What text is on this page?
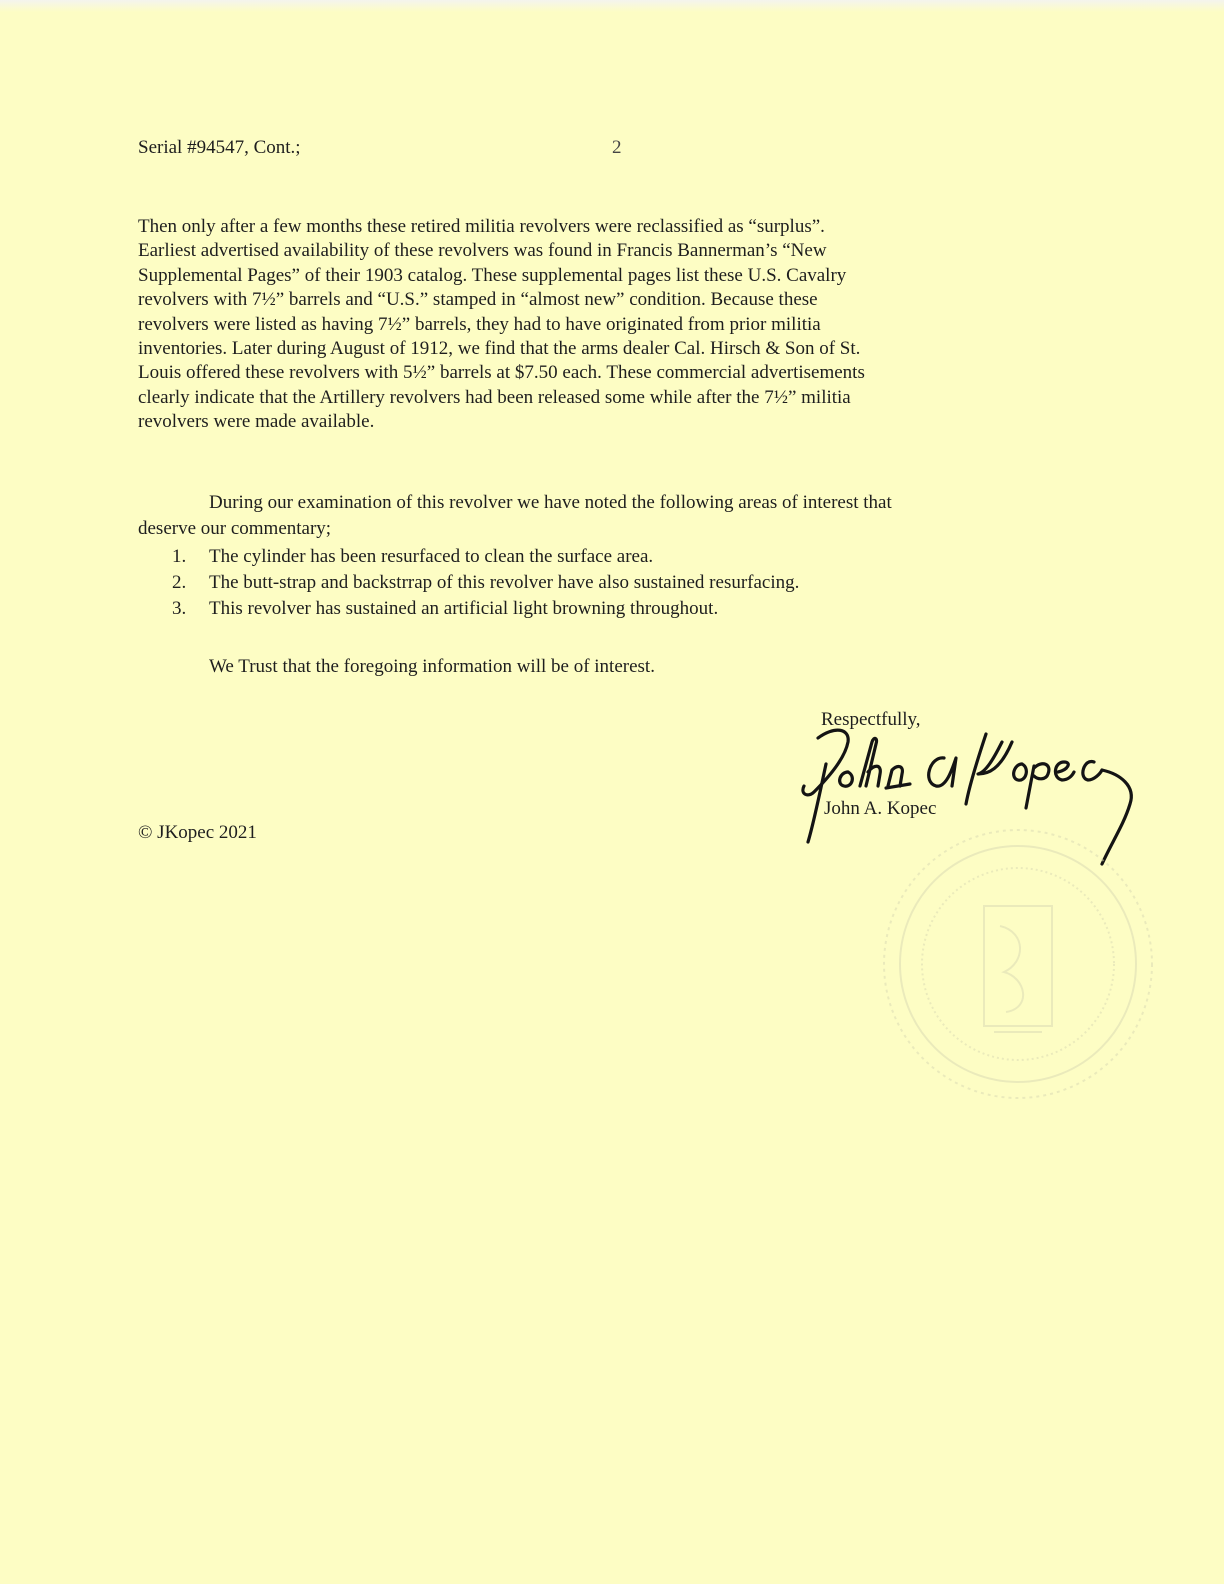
Serial #94547, Cont.;	2

Then only after a few months these retired militia revolvers were reclassified as “surplus”.
Earliest advertised availability of these revolvers was found in Francis Bannerman’s “New
Supplemental Pages” of their 1903 catalog. These supplemental pages list these U.S. Cavalry
revolvers with 7½” barrels and “U.S.” stamped in “almost new” condition. Because these
revolvers were listed as having 7½” barrels, they had to have originated from prior militia
inventories. Later during August of 1912, we find that the arms dealer Cal. Hirsch & Son of St.
Louis offered these revolvers with 5½” barrels at $7.50 each. These commercial advertisements
clearly indicate that the Artillery revolvers had been released some while after the 7½” militia
revolvers were made available.

During our examination of this revolver we have noted the following areas of interest that
deserve our commentary;

1.	The cylinder has been resurfaced to clean the surface area.
2.	The butt-strap and backstrrap of this revolver have also sustained resurfacing.
3.	This revolver has sustained an artificial light browning throughout.
We Trust that the foregoing information will be of interest.
Respectfully,
John A. Kopec
© JKopec 2021
